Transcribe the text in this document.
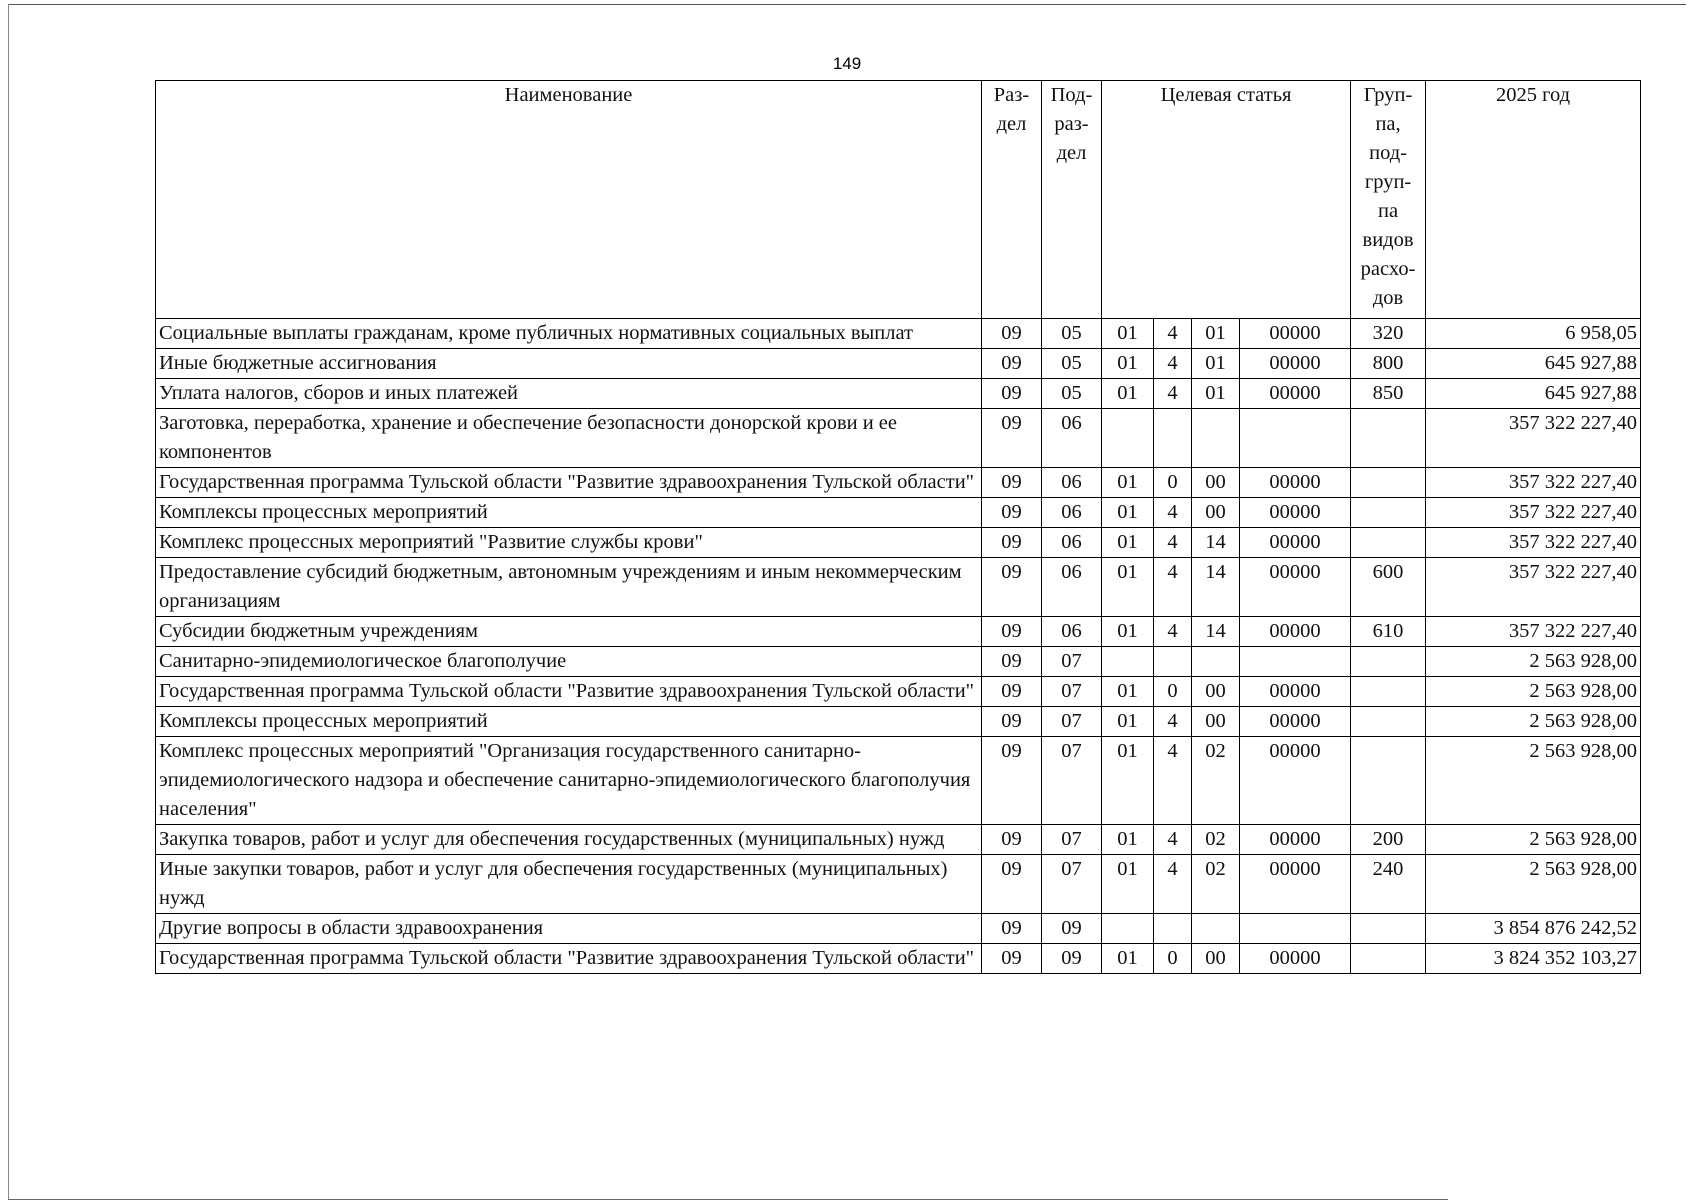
149
Наименование	Раз-дел	Под-раз-дел	Целевая статья				Груп-па, под-груп-па видов расхо-дов	2025 год
Социальные выплаты гражданам, кроме публичных нормативных социальных выплат	09	05	01	4	01	00000	320	6 958,05
Иные бюджетные ассигнования	09	05	01	4	01	00000	800	645 927,88
Уплата налогов, сборов и иных платежей	09	05	01	4	01	00000	850	645 927,88
Заготовка, переработка, хранение и обеспечение безопасности донорской крови и ее компонентов	09	06						357 322 227,40
Государственная программа Тульской области "Развитие здравоохранения Тульской области"	09	06	01	0	00	00000		357 322 227,40
Комплексы процессных мероприятий	09	06	01	4	00	00000		357 322 227,40
Комплекс процессных мероприятий "Развитие службы крови"	09	06	01	4	14	00000		357 322 227,40
Предоставление субсидий бюджетным, автономным учреждениям и иным некоммерческим организациям	09	06	01	4	14	00000	600	357 322 227,40
Субсидии бюджетным учреждениям	09	06	01	4	14	00000	610	357 322 227,40
Санитарно-эпидемиологическое благополучие	09	07						2 563 928,00
Государственная программа Тульской области "Развитие здравоохранения Тульской области"	09	07	01	0	00	00000		2 563 928,00
Комплексы процессных мероприятий	09	07	01	4	00	00000		2 563 928,00
Комплекс процессных мероприятий "Организация государственного санитарно-эпидемиологического надзора и обеспечение санитарно-эпидемиологического благополучия населения"	09	07	01	4	02	00000		2 563 928,00
Закупка товаров, работ и услуг для обеспечения государственных (муниципальных) нужд	09	07	01	4	02	00000	200	2 563 928,00
Иные закупки товаров, работ и услуг для обеспечения государственных (муниципальных) нужд	09	07	01	4	02	00000	240	2 563 928,00
Другие вопросы в области здравоохранения	09	09						3 854 876 242,52
Государственная программа Тульской области "Развитие здравоохранения Тульской области"	09	09	01	0	00	00000		3 824 352 103,27
